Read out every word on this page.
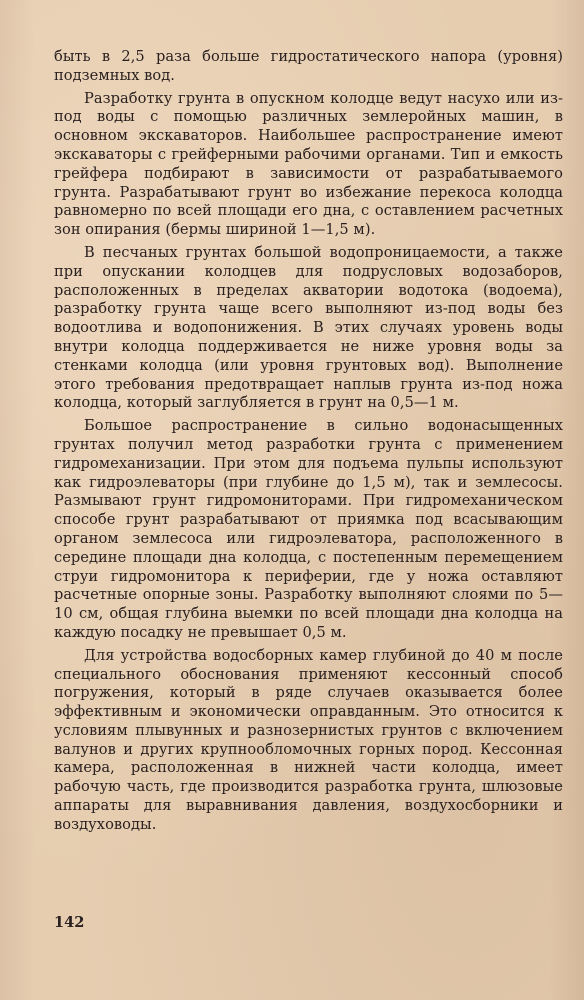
быть в 2,5 раза больше гидростатического напора (уровня) подземных вод.

Разработку грунта в опускном колодце ведут насухо или из-под воды с помощью различных землеройных машин, в основном экскаваторов. Наибольшее распространение имеют экскаваторы с грейферными рабочими органами. Тип и емкость грейфера подбирают в зависимости от разрабатываемого грунта. Разрабатывают грунт во избежание перекоса колодца равномерно по всей площади его дна, с оставлением расчетных зон опирания (бермы шириной 1—1,5 м).

В песчаных грунтах большой водопроницаемости, а также при опускании колодцев для подрусловых водозаборов, расположенных в пределах акватории водотока (водоема), разработку грунта чаще всего выполняют из-под воды без водоотлива и водопонижения. В этих случаях уровень воды внутри колодца поддерживается не ниже уровня воды за стенками колодца (или уровня грунтовых вод). Выполнение этого требования предотвращает наплыв грунта из-под ножа колодца, который заглубляется в грунт на 0,5—1 м.

Большое распространение в сильно водонасыщенных грунтах получил метод разработки грунта с применением гидромеханизации. При этом для подъема пульпы используют как гидроэлеваторы (при глубине до 1,5 м), так и землесосы. Размывают грунт гидромониторами. При гидромеханическом способе грунт разрабатывают от приямка под всасывающим органом землесоса или гидроэлеватора, расположенного в середине площади дна колодца, с постепенным перемещением струи гидромонитора к периферии, где у ножа оставляют расчетные опорные зоны. Разработку выполняют слоями по 5—10 см, общая глубина выемки по всей площади дна колодца на каждую посадку не превышает 0,5 м.

Для устройства водосборных камер глубиной до 40 м после специального обоснования применяют кессонный способ погружения, который в ряде случаев оказывается более эффективным и экономически оправданным. Это относится к условиям плывунных и разнозернистых грунтов с включением валунов и других крупнообломочных горных пород. Кессонная камера, расположенная в нижней части колодца, имеет рабочую часть, где производится разработка грунта, шлюзовые аппараты для выравнивания давления, воздухосборники и воздуховоды.

142
